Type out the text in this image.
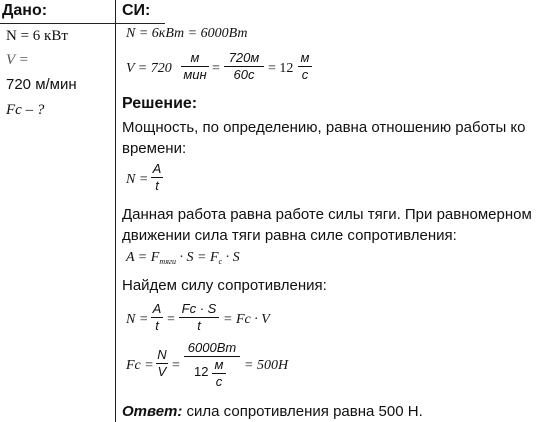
Дано:
N = 6 кВт
V =
720 м/мин
Fc – ?
СИ:
N = 6кВт = 6000Вт
V = 720
м
мин =
720м
60с = 12
м
с
Решение:
Мощность, по определению, равна отношению работы ко времени:
N =
A
t
Данная работа равна работе силы тяги. При равномерном движении сила тяги равна силе сопротивления:
$A = F_{тяги} \cdot S = F_c \cdot S$
Найдем силу сопротивления:
N =
A
t =
Fc · S
t	= Fc · V
Fc =
N
V =
6000Вт
12 м
с
= 500H
Ответ: сила сопротивления равна 500 Н.
